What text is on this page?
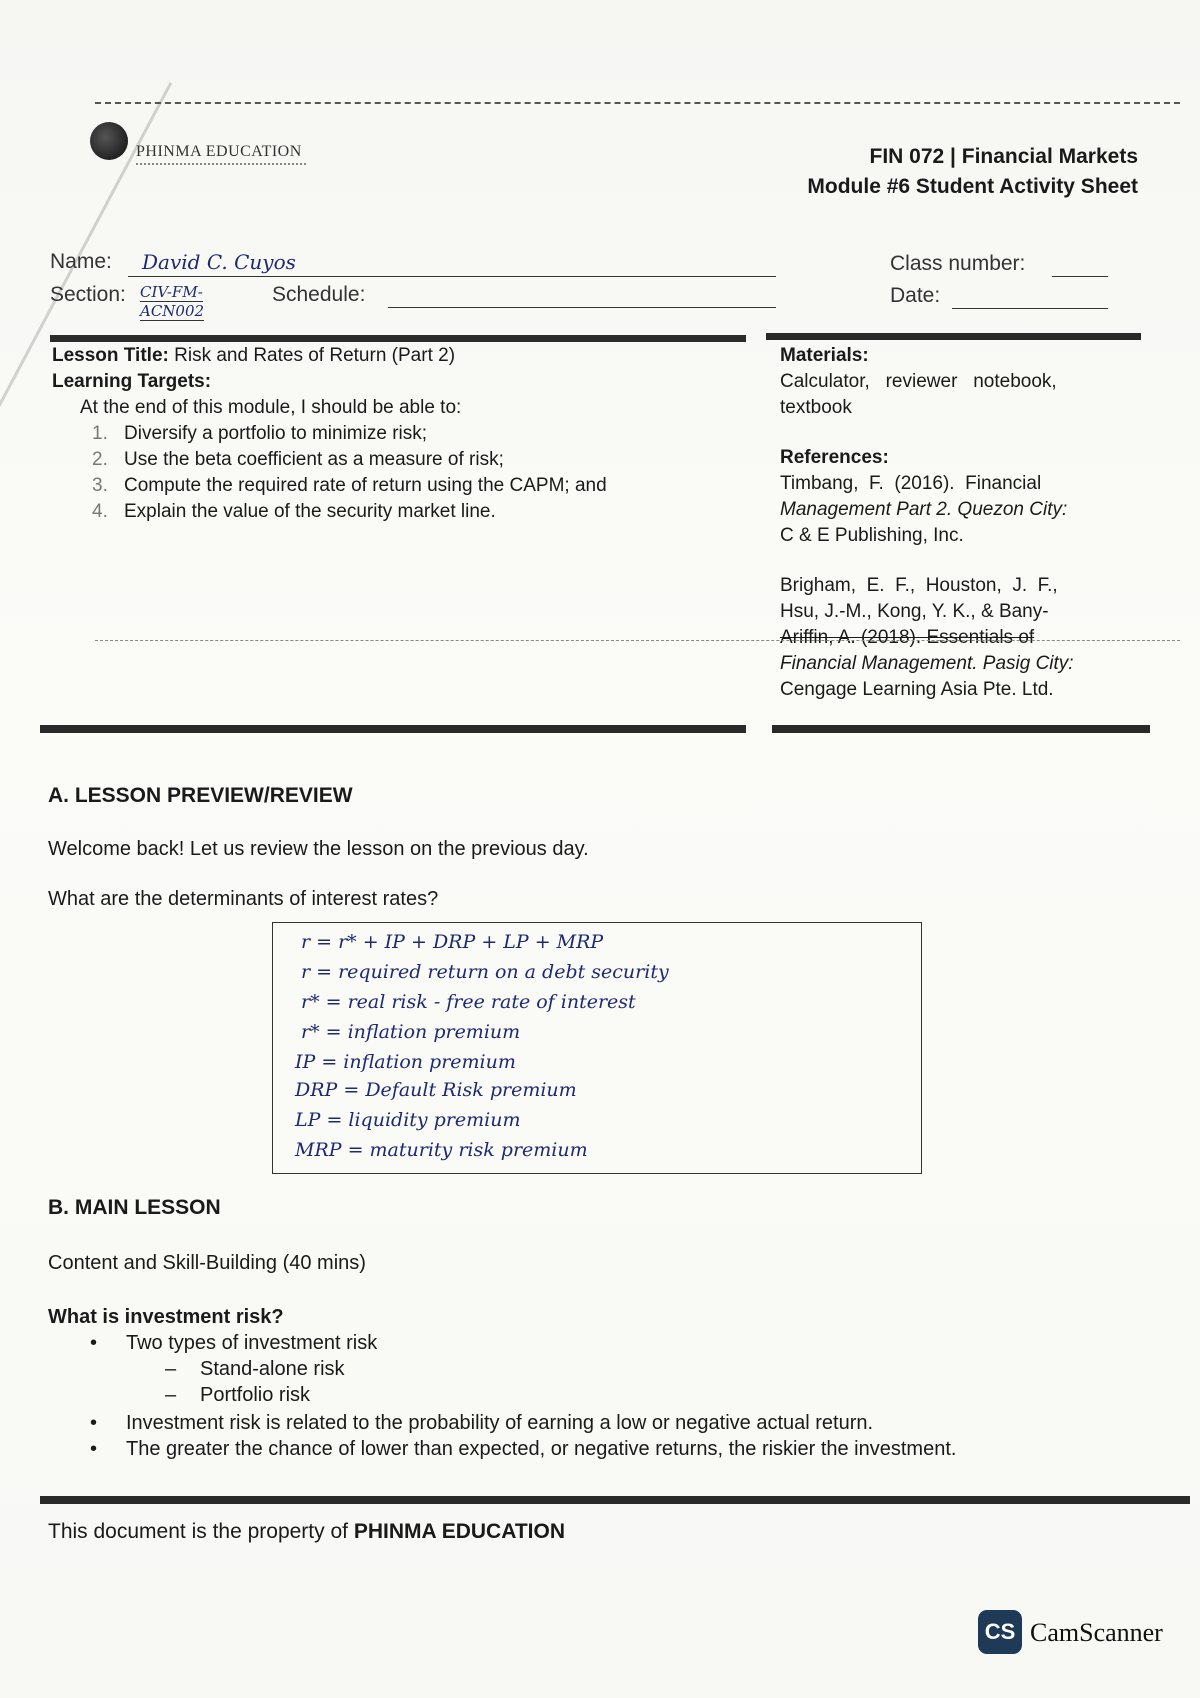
PHINMA EDUCATION	FIN 072 | Financial Markets
Module #6 Student Activity Sheet
Name:	David C. Cuyos
Section: CIV-FM-ACN002
Schedule:
Class number:
Date:
Lesson Title: Risk and Rates of Return (Part 2)
Learning Targets:
At the end of this module, I should be able to:
1. Diversify a portfolio to minimize risk;
2. Use the beta coefficient as a measure of risk;
3. Compute the required rate of return using the CAPM; and
4. Explain the value of the security market line.
Materials:
Calculator,   reviewer   notebook,
textbook
References:
Timbang,  F.  (2016).  Financial
Management Part 2. Quezon City:
C & E Publishing, Inc.
Brigham,  E.  F.,  Houston,  J.  F.,
Hsu, J.-M., Kong, Y. K., & Bany-
Ariffin, A. (2018). Essentials of
Financial Management. Pasig City:
Cengage Learning Asia Pte. Ltd.
A. LESSON PREVIEW/REVIEW
Welcome back! Let us review the lesson on the previous day.
What are the determinants of interest rates?
r = r* + IP + DRP + LP + MRP
r = required return on a debt security
r* = real risk - free rate of interest
r* = inflation premium
IP = inflation premium
DRP = Default Risk premium
LP = liquidity premium
MRP = maturity risk premium
B. MAIN LESSON
Content and Skill-Building (40 mins)
What is investment risk?
• Two types of investment risk
– Stand-alone risk
– Portfolio risk
• Investment risk is related to the probability of earning a low or negative actual return.
• The greater the chance of lower than expected, or negative returns, the riskier the investment.
This document is the property of PHINMA EDUCATION
CS CamScanner
